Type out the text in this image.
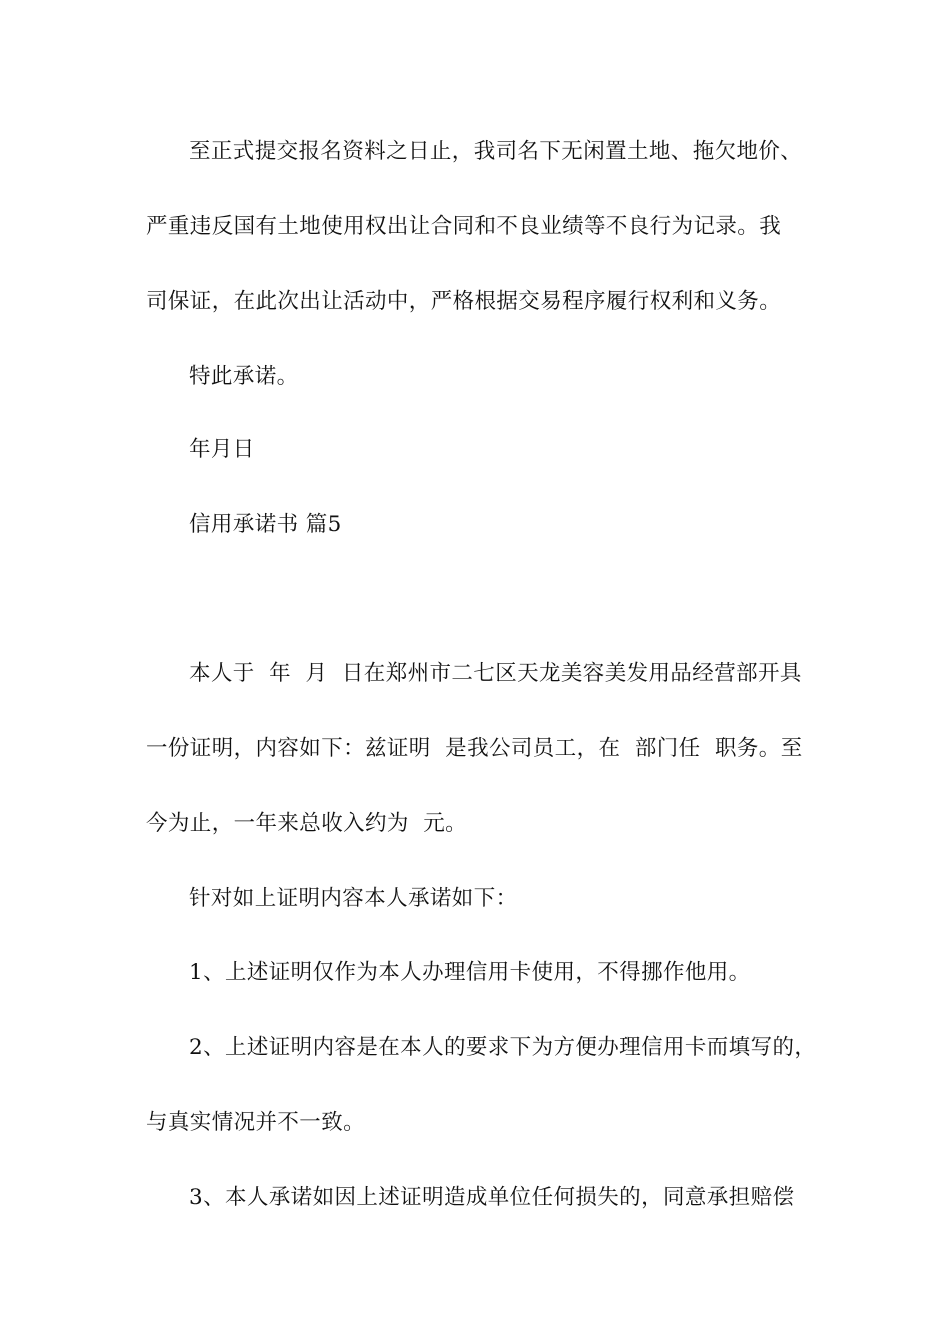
至正式提交报名资料之日止，我司名下无闲置土地、拖欠地价、
严重违反国有土地使用权出让合同和不良业绩等不良行为记录。我
司保证，在此次出让活动中，严格根据交易程序履行权利和义务。
特此承诺。
年月日
信用承诺书 篇5
本人于  年  月  日在郑州市二七区天龙美容美发用品经营部开具
一份证明，内容如下：兹证明  是我公司员工，在  部门任  职务。至
今为止，一年来总收入约为  元。
针对如上证明内容本人承诺如下：
1、上述证明仅作为本人办理信用卡使用，不得挪作他用。
2、上述证明内容是在本人的要求下为方便办理信用卡而填写的，
与真实情况并不一致。
3、本人承诺如因上述证明造成单位任何损失的，同意承担赔偿
